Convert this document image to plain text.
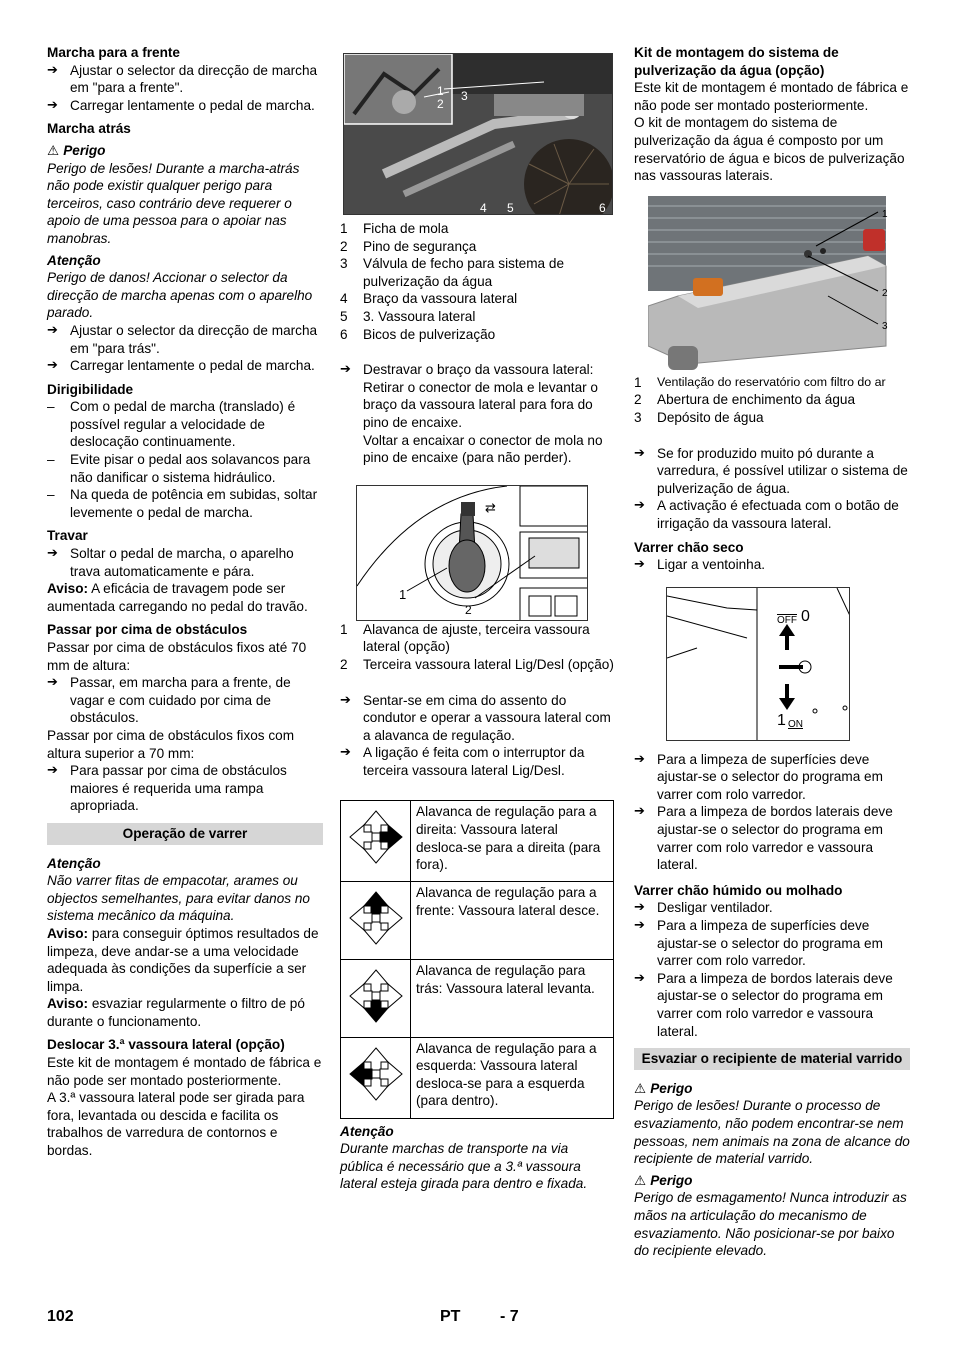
Marcha para a frente

➔ Ajustar o selector da direcção de marcha em "para a frente".

➔ Carregar lentamente o pedal de marcha.

Marcha atrás

⚠ Perigo

Perigo de lesões! Durante a marcha-atrás não pode existir qualquer perigo para terceiros, caso contrário deve requerer o apoio de uma pessoa para o apoiar nas manobras.

Atenção

Perigo de danos! Accionar o selector da direcção de marcha apenas com o aparelho parado.

➔ Ajustar o selector da direcção de marcha em "para trás".

➔ Carregar lentamente o pedal de marcha.

Dirigibilidade

– Com o pedal de marcha (translado) é possível regular a velocidade de deslocação continuamente.

– Evite pisar o pedal aos solavancos para não danificar o sistema hidráulico.

– Na queda de potência em subidas, soltar levemente o pedal de marcha.

Travar

➔ Soltar o pedal de marcha, o aparelho trava automaticamente e pára.

Aviso: A eficácia de travagem pode ser aumentada carregando no pedal do travão.

Passar por cima de obstáculos

Passar por cima de obstáculos fixos até 70 mm de altura:

➔ Passar, em marcha para a frente, de vagar e com cuidado por cima de obstáculos.

Passar por cima de obstáculos fixos com altura superior a 70 mm:

➔ Para passar por cima de obstáculos maiores é requerida uma rampa apropriada.

Operação de varrer

Atenção

Não varrer fitas de empacotar, arames ou objectos semelhantes, para evitar danos no sistema mecânico da máquina.

Aviso: para conseguir óptimos resultados de limpeza, deve andar-se a uma velocidade adequada às condições da superfície a ser limpa.

Aviso: esvaziar regularmente o filtro de pó durante o funcionamento.

Deslocar 3.ª vassoura lateral (opção)

Este kit de montagem é montado de fábrica e não pode ser montado posteriormente.

A 3.ª vassoura lateral pode ser girada para fora, levantada ou descida e facilita os trabalhos de varredura de contornos e bordas.

1
2
3
4 5	6

1 Ficha de mola

2 Pino de segurança

3 Válvula de fecho para sistema de pulverização da água

4 Braço da vassoura lateral

5 3. Vassoura lateral

6 Bicos de pulverização

➔ Destravar o braço da vassoura lateral: Retirar o conector de mola e levantar o braço da vassoura lateral para fora do pino de encaixe.

Voltar a encaixar o conector de mola no pino de encaixe (para não perder).

⇄
1
2

1 Alavanca de ajuste, terceira vassoura lateral (opção)

2 Terceira vassoura lateral Lig/Desl (opção)

➔ Sentar-se em cima do assento do condutor e operar a vassoura lateral com a alavanca de regulação.

➔ A ligação é feita com o interruptor da terceira vassoura lateral Lig/Desl.

	Alavanca de regulação para a direita: Vassoura lateral desloca-se para a direita (para fora).
	Alavanca de regulação para a frente: Vassoura lateral desce.
	Alavanca de regulação para trás: Vassoura lateral levanta.
	Alavanca de regulação para a esquerda: Vassoura lateral desloca-se para a esquerda (para dentro).

Atenção

Durante marchas de transporte na via pública é necessário que a 3.ª vassoura lateral esteja girada para dentro e fixada.

Kit de montagem do sistema de pulverização da água (opção)

Este kit de montagem é montado de fábrica e não pode ser montado posteriormente.

O kit de montagem do sistema de pulverização da água é composto por um reservatório de água e bicos de pulverização nas vassouras laterais.

1
2
3

1 Ventilação do reservatório com filtro do ar

2 Abertura de enchimento da água

3 Depósito de água

➔ Se for produzido muito pó durante a varredura, é possível utilizar o sistema de pulverização de água.

➔ A activação é efectuada com o botão de irrigação da vassoura lateral.

Varrer chão seco

➔ Ligar a ventoinha.

$\overline{OFF}$ 0
1 ON

➔ Para a limpeza de superfícies deve ajustar-se o selector do programa em varrer com rolo varredor.

➔ Para a limpeza de bordos laterais deve ajustar-se o selector do programa em varrer com rolo varredor e vassoura lateral.

Varrer chão húmido ou molhado

➔ Desligar ventilador.

➔ Para a limpeza de superfícies deve ajustar-se o selector do programa em varrer com rolo varredor.

➔ Para a limpeza de bordos laterais deve ajustar-se o selector do programa em varrer com rolo varredor e vassoura lateral.

Esvaziar o recipiente de material varrido

⚠ Perigo

Perigo de lesões! Durante o processo de esvaziamento, não podem encontrar-se nem pessoas, nem animais na zona de alcance do recipiente de material varrido.

⚠ Perigo

Perigo de esmagamento! Nunca introduzir as mãos na articulação do mecanismo de esvaziamento. Não posicionar-se por baixo do recipiente elevado.

102	PT - 7
